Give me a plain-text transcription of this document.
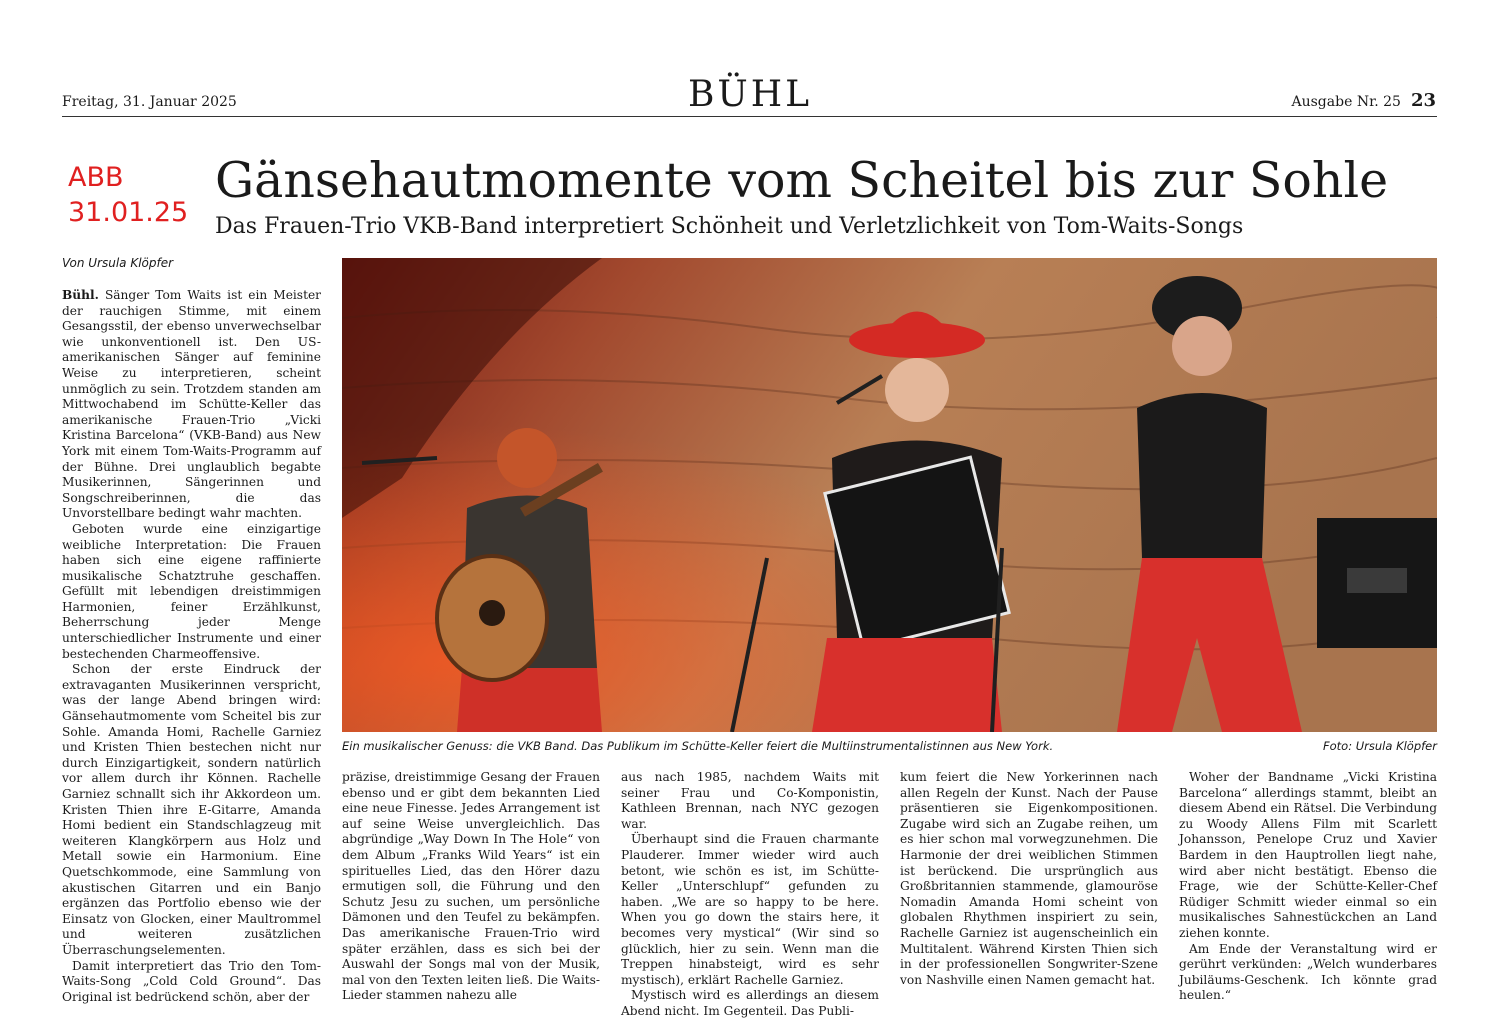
Freitag, 31. Januar 2025	BÜHL	Ausgabe Nr. 25 23
ABB
31.01.25
Gänsehautmomente vom Scheitel bis zur Sohle
Das Frauen-Trio VKB-Band interpretiert Schönheit und Verletzlichkeit von Tom-Waits-Songs
Von Ursula Klöpfer
Ein musikalischer Genuss: die VKB Band. Das Publikum im Schütte-Keller feiert die Multiinstrumentalistinnen aus New York.	Foto: Ursula Klöpfer

Bühl. Sänger Tom Waits ist ein Meister der rauchigen Stimme, mit einem Gesangsstil, der ebenso unverwechselbar wie unkonventionell ist. Den US-amerikanischen Sänger auf feminine Weise zu interpretieren, scheint unmöglich zu sein. Trotzdem standen am Mittwochabend im Schütte-Keller das amerikanische Frauen-Trio „Vicki Kristina Barcelona“ (VKB-Band) aus New York mit einem Tom-Waits-Programm auf der Bühne. Drei unglaublich begabte Musikerinnen, Sängerinnen und Songschreiberinnen, die das Unvorstellbare bedingt wahr machten.

Geboten wurde eine einzigartige weibliche Interpretation: Die Frauen haben sich eine eigene raffinierte musikalische Schatztruhe geschaffen. Gefüllt mit lebendigen dreistimmigen Harmonien, feiner Erzählkunst, Beherrschung jeder Menge unterschiedlicher Instrumente und einer bestechenden Charmeoffensive.

Schon der erste Eindruck der extravaganten Musikerinnen verspricht, was der lange Abend bringen wird: Gänsehautmomente vom Scheitel bis zur Sohle. Amanda Homi, Rachelle Garniez und Kristen Thien bestechen nicht nur durch Einzigartigkeit, sondern natürlich vor allem durch ihr Können. Rachelle Garniez schnallt sich ihr Akkordeon um. Kristen Thien ihre E-Gitarre, Amanda Homi bedient ein Standschlagzeug mit weiteren Klangkörpern aus Holz und Metall sowie ein Harmonium. Eine Quetschkommode, eine Sammlung von akustischen Gitarren und ein Banjo ergänzen das Portfolio ebenso wie der Einsatz von Glocken, einer Maultrommel und weiteren zusätzlichen Überraschungselementen.

Damit interpretiert das Trio den Tom-Waits-Song „Cold Cold Ground“. Das Original ist bedrückend schön, aber der

präzise, dreistimmige Gesang der Frauen ebenso und er gibt dem bekannten Lied eine neue Finesse. Jedes Arrangement ist auf seine Weise unvergleichlich. Das abgründige „Way Down In The Hole“ von dem Album „Franks Wild Years“ ist ein spirituelles Lied, das den Hörer dazu ermutigen soll, die Führung und den Schutz Jesu zu suchen, um persönliche Dämonen und den Teufel zu bekämpfen. Das amerikanische Frauen-Trio wird später erzählen, dass es sich bei der Auswahl der Songs mal von der Musik, mal von den Texten leiten ließ. Die Waits-Lieder stammen nahezu alle

aus nach 1985, nachdem Waits mit seiner Frau und Co-Komponistin, Kathleen Brennan, nach NYC gezogen war.

Überhaupt sind die Frauen charmante Plauderer. Immer wieder wird auch betont, wie schön es ist, im Schütte-Keller „Unterschlupf“ gefunden zu haben. „We are so happy to be here. When you go down the stairs here, it becomes very mystical“ (Wir sind so glücklich, hier zu sein. Wenn man die Treppen hinabsteigt, wird es sehr mystisch), erklärt Rachelle Garniez.

Mystisch wird es allerdings an diesem Abend nicht. Im Gegenteil. Das Publi-

kum feiert die New Yorkerinnen nach allen Regeln der Kunst. Nach der Pause präsentieren sie Eigenkompositionen. Zugabe wird sich an Zugabe reihen, um es hier schon mal vorwegzunehmen. Die Harmonie der drei weiblichen Stimmen ist berückend. Die ursprünglich aus Großbritannien stammende, glamouröse Nomadin Amanda Homi scheint von globalen Rhythmen inspiriert zu sein, Rachelle Garniez ist augenscheinlich ein Multitalent. Während Kirsten Thien sich in der professionellen Songwriter-Szene von Nashville einen Namen gemacht hat.

Woher der Bandname „Vicki Kristina Barcelona“ allerdings stammt, bleibt an diesem Abend ein Rätsel. Die Verbindung zu Woody Allens Film mit Scarlett Johansson, Penelope Cruz und Xavier Bardem in den Hauptrollen liegt nahe, wird aber nicht bestätigt. Ebenso die Frage, wie der Schütte-Keller-Chef Rüdiger Schmitt wieder einmal so ein musikalisches Sahnestückchen an Land ziehen konnte.

Am Ende der Veranstaltung wird er gerührt verkünden: „Welch wunderbares Jubiläums-Geschenk. Ich könnte grad heulen.“
